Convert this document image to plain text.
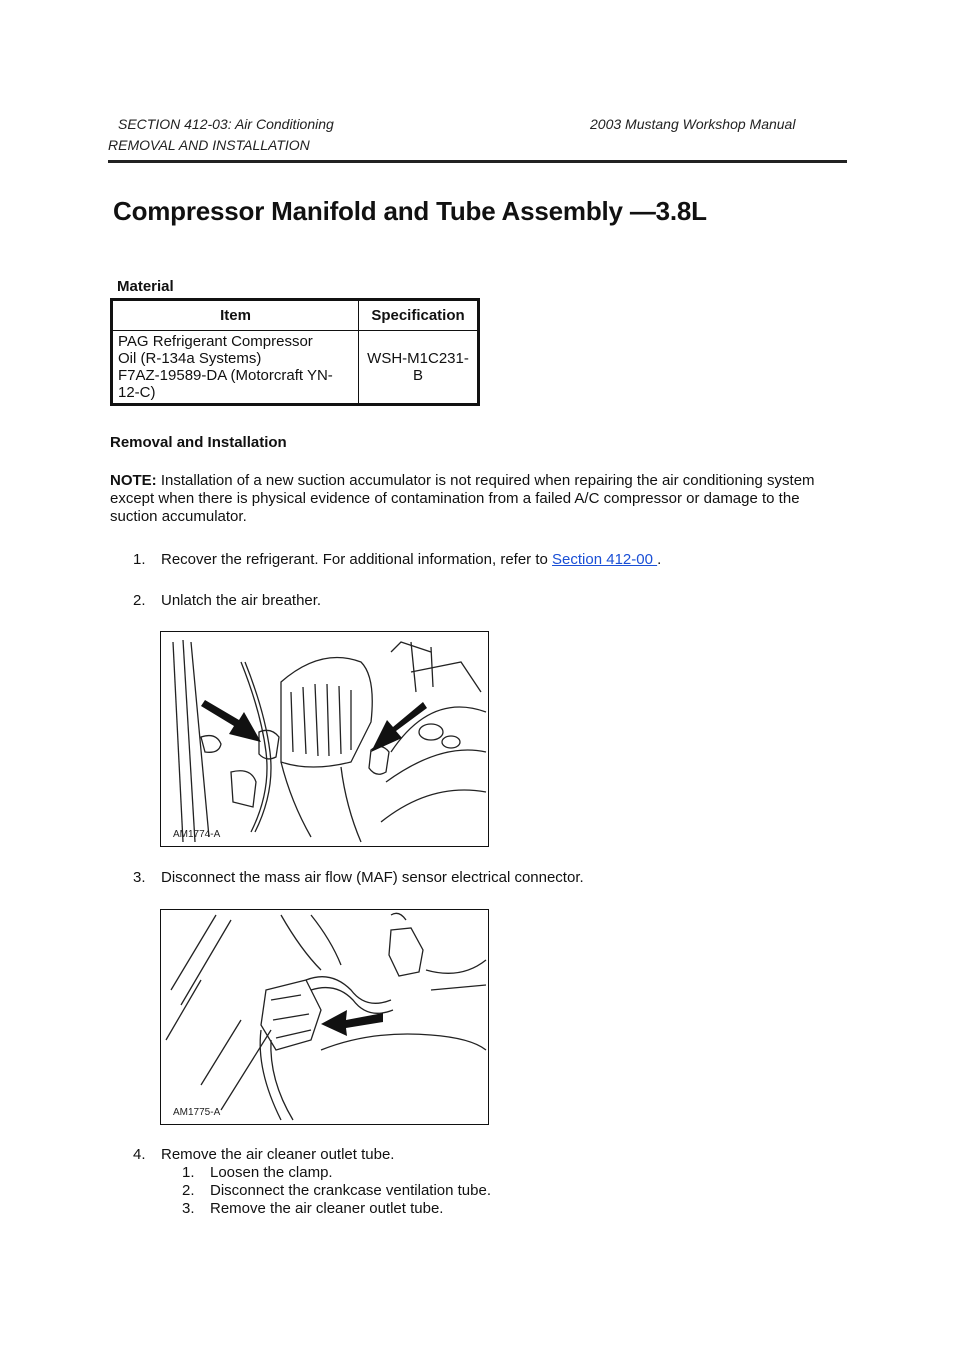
SECTION 412-03: Air Conditioning	2003 Mustang Workshop Manual
REMOVAL AND INSTALLATION
Compressor Manifold and Tube Assembly —3.8L
Material
Item	Specification
PAG Refrigerant Compressor
Oil (R-134a Systems)
F7AZ-19589-DA (Motorcraft YN-
12-C)	WSH-M1C231-
B
Removal and Installation
NOTE: Installation of a new suction accumulator is not required when repairing the air conditioning system except when there is physical evidence of contamination from a failed A/C compressor or damage to the suction accumulator.
1. Recover the refrigerant. For additional information, refer to Section 412-00 .
2. Unlatch the air breather.
AM1774-A
3. Disconnect the mass air flow (MAF) sensor electrical connector.
AM1775-A
4. Remove the air cleaner outlet tube.
1. Loosen the clamp.
2. Disconnect the crankcase ventilation tube.
3. Remove the air cleaner outlet tube.
